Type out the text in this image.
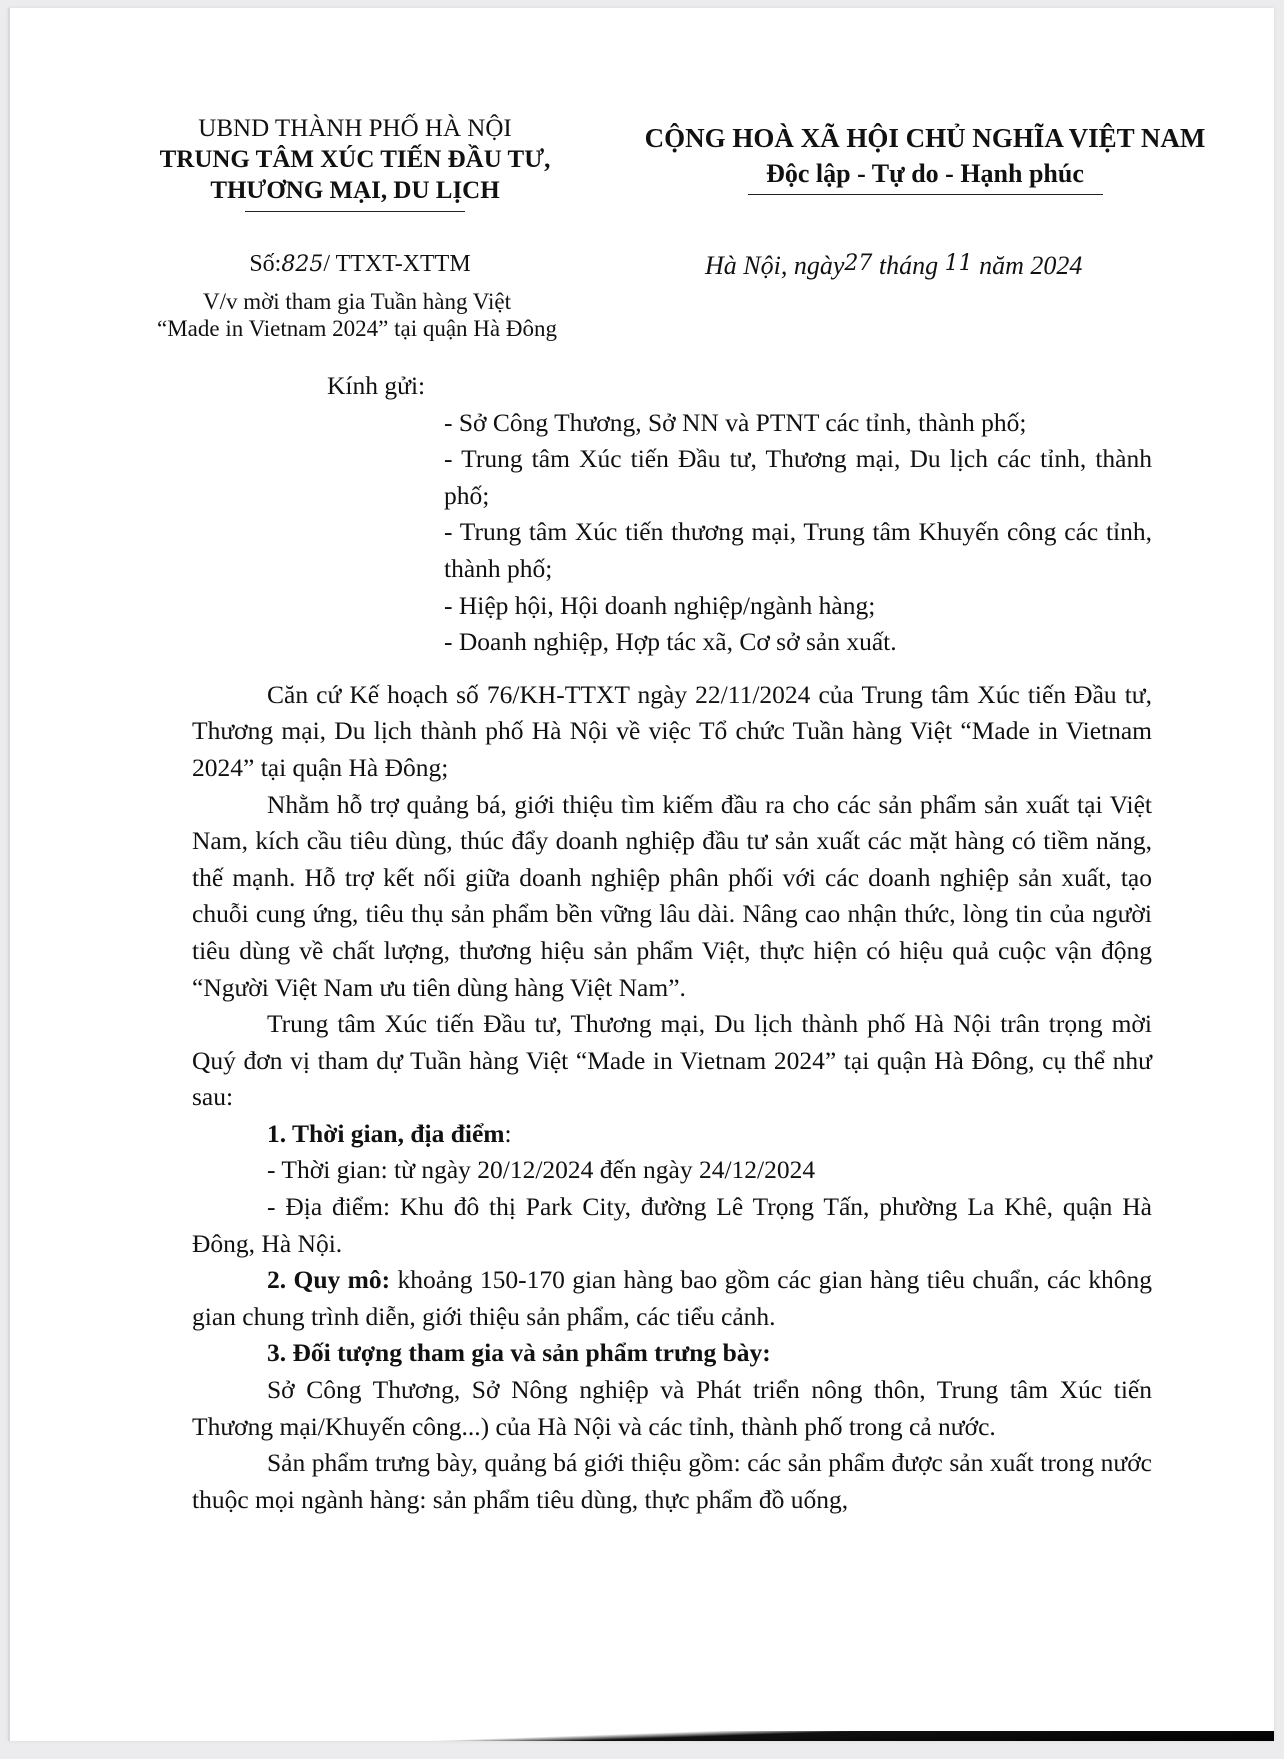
UBND THÀNH PHỐ HÀ NỘI
TRUNG TÂM XÚC TIẾN ĐẦU TƯ,
THƯƠNG MẠI, DU LỊCH
CỘNG HOÀ XÃ HỘI CHỦ NGHĨA VIỆT NAM
Độc lập - Tự do - Hạnh phúc
Số:825/ TTXT-XTTM
V/v mời tham gia Tuần hàng Việt
“Made in Vietnam 2024” tại quận Hà Đông
Hà Nội, ngày27 tháng 11 năm 2024
Kính gửi:
- Sở Công Thương, Sở NN và PTNT các tỉnh, thành phố;
- Trung tâm Xúc tiến Đầu tư, Thương mại, Du lịch các tỉnh, thành phố;
- Trung tâm Xúc tiến thương mại, Trung tâm Khuyến công các tỉnh, thành phố;
- Hiệp hội, Hội doanh nghiệp/ngành hàng;
- Doanh nghiệp, Hợp tác xã, Cơ sở sản xuất.

Căn cứ Kế hoạch số 76/KH-TTXT ngày 22/11/2024 của Trung tâm Xúc tiến Đầu tư, Thương mại, Du lịch thành phố Hà Nội về việc Tổ chức Tuần hàng Việt “Made in Vietnam 2024” tại quận Hà Đông;

Nhằm hỗ trợ quảng bá, giới thiệu tìm kiếm đầu ra cho các sản phẩm sản xuất tại Việt Nam, kích cầu tiêu dùng, thúc đẩy doanh nghiệp đầu tư sản xuất các mặt hàng có tiềm năng, thế mạnh. Hỗ trợ kết nối giữa doanh nghiệp phân phối với các doanh nghiệp sản xuất, tạo chuỗi cung ứng, tiêu thụ sản phẩm bền vững lâu dài. Nâng cao nhận thức, lòng tin của người tiêu dùng về chất lượng, thương hiệu sản phẩm Việt, thực hiện có hiệu quả cuộc vận động “Người Việt Nam ưu tiên dùng hàng Việt Nam”.

Trung tâm Xúc tiến Đầu tư, Thương mại, Du lịch thành phố Hà Nội trân trọng mời Quý đơn vị tham dự Tuần hàng Việt “Made in Vietnam 2024” tại quận Hà Đông, cụ thể như sau:

1. Thời gian, địa điểm:

- Thời gian: từ ngày 20/12/2024 đến ngày 24/12/2024

- Địa điểm: Khu đô thị Park City, đường Lê Trọng Tấn, phường La Khê, quận Hà Đông, Hà Nội.

2. Quy mô: khoảng 150-170 gian hàng bao gồm các gian hàng tiêu chuẩn, các không gian chung trình diễn, giới thiệu sản phẩm, các tiểu cảnh.

3. Đối tượng tham gia và sản phẩm trưng bày:

Sở Công Thương, Sở Nông nghiệp và Phát triển nông thôn, Trung tâm Xúc tiến Thương mại/Khuyến công...) của Hà Nội và các tỉnh, thành phố trong cả nước.

Sản phẩm trưng bày, quảng bá giới thiệu gồm: các sản phẩm được sản xuất trong nước thuộc mọi ngành hàng: sản phẩm tiêu dùng, thực phẩm đồ uống,
